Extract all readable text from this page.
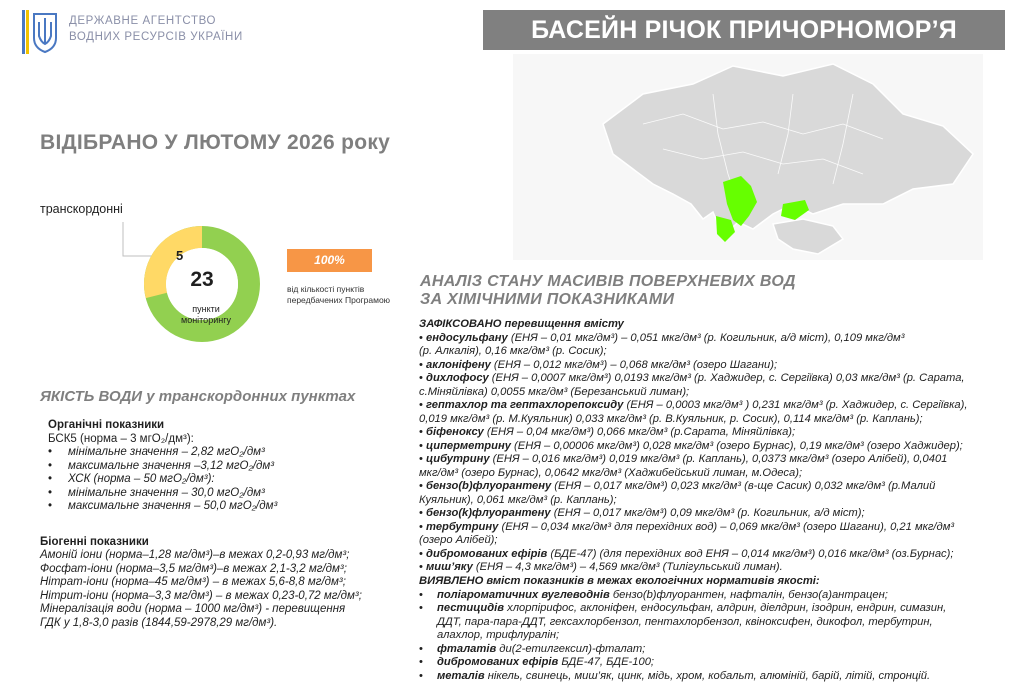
ДЕРЖАВНЕ АГЕНТСТВО
ВОДНИХ РЕСУРСІВ УКРАЇНИ	БАСЕЙН РІЧОК ПРИЧОРНОМОР’Я
ВІДІБРАНО У ЛЮТОМУ 2026 року
транскордонні
5
23
пункти
моніторингу
100%
від кількості пунктів
передбачених Програмою
АНАЛІЗ СТАНУ МАСИВІВ ПОВЕРХНЕВИХ ВОД
ЗА ХІМІЧНИМИ ПОКАЗНИКАМИ
ЯКІСТЬ ВОДИ у транскордонних пунктах
Органічні показники
БСК5 (норма – 3 мгО₂/дм³):
• мінімальне значення – 2,82 мгО₂/дм³
• максимальне значення –3,12 мгО₂/дм³
• ХСК (норма – 50 мгО₂/дм³):
• мінімальне значення – 30,0 мгО₂/дм³
• максимальне значення – 50,0 мгО₂/дм³
Біогенні показники
Амоній іони (норма–1,28 мг/дм³)–в межах 0,2-0,93 мг/дм³;
Фосфат-іони (норма–3,5 мг/дм³)–в межах 2,1-3,2 мг/дм³;
Нітрат-іони (норма–45 мг/дм³) – в межах 5,6-8,8 мг/дм³;
Нітрит-іони (норма–3,3 мг/дм³) – в межах 0,23-0,72 мг/дм³;
Мінералізація води (норма – 1000 мг/дм³) - перевищення
ГДК у 1,8-3,0 разів (1844,59-2978,29 мг/дм³).
ЗАФІКСОВАНО перевищення вмісту
• ендосульфану (ЕНЯ – 0,01 мкг/дм³) – 0,051 мкг/дм³ (р. Когильник, а/д міст), 0,109 мкг/дм³
(р. Алкалія), 0,16 мкг/дм³ (р. Сосик);
• аклоніфену (ЕНЯ – 0,012 мкг/дм³) – 0,068 мкг/дм³ (озеро Шагани);
• дихлофосу (ЕНЯ – 0,0007 мкг/дм³) 0,0193 мкг/дм³ (р. Хаджидер, с. Сергіївка) 0,03 мкг/дм³ (р. Сарата,
с.Міняйлівка) 0,0055 мкг/дм³ (Березанський лиман);
• гептахлор та гептахлорепоксиду (ЕНЯ – 0,0003 мкг/дм³ ) 0,231 мкг/дм³ (р. Хаджидер, с. Сергіївка),
0,019 мкг/дм³ (р. М.Куяльник) 0,033 мкг/дм³ (р. В.Куяльник, р. Сосик), 0,114 мкг/дм³ (р. Каплань);
• біфеноксу (ЕНЯ – 0,04 мкг/дм³) 0,066 мкг/дм³ (р.Сарата, Міняйлівка);
• циперметрину (ЕНЯ – 0,00006 мкг/дм³) 0,028 мкг/дм³ (озеро Бурнас), 0,19 мкг/дм³ (озеро Хаджидер);
• цибутрину (ЕНЯ – 0,016 мкг/дм³) 0,019 мкг/дм³ (р. Каплань), 0,0373 мкг/дм³ (озеро Алібей), 0,0401
мкг/дм³ (озеро Бурнас), 0,0642 мкг/дм³ (Хаджибейський лиман, м.Одеса);
• бензо(b)флуорантену (ЕНЯ – 0,017 мкг/дм³) 0,023 мкг/дм³ (в-ще Сасик) 0,032 мкг/дм³ (р.Малий
Куяльник), 0,061 мкг/дм³ (р. Каплань);
• бензо(k)флуорантену (ЕНЯ – 0,017 мкг/дм³) 0,09 мкг/дм³ (р. Когильник, а/д міст);
• тербутрину (ЕНЯ – 0,034 мкг/дм³ для перехідних вод) – 0,069 мкг/дм³ (озеро Шагани), 0,21 мкг/дм³
(озеро Алібей);
• дибромованих ефірів (БДЕ-47) (для перехідних вод ЕНЯ – 0,014 мкг/дм³) 0,016 мкг/дм³ (оз.Бурнас);
• миш’яку (ЕНЯ – 4,3 мкг/дм³) – 4,569 мкг/дм³ (Тилігульський лиман).
ВИЯВЛЕНО вміст показників в межах екологічних нормативів якості:
• поліароматичних вуглеводнів бензо(b)флуорантен, нафталін, бензо(а)антрацен;
• пестицидів хлорпірифос, аклоніфен, ендосульфан, алдрин, діелдрин, ізодрин, ендрин, симазин,
ДДТ, пара-пара-ДДТ, гексахлорбензол, пентахлорбензол, квіноксифен, дикофол, тербутрин,
алахлор, трифлуралін;
• фталатів ди(2-етилгексил)-фталат;
• дибромованих ефірів БДЕ-47, БДЕ-100;
• металів нікель, свинець, миш’як, цинк, мідь, хром, кобальт, алюміній, барій, літій, стронцій.
